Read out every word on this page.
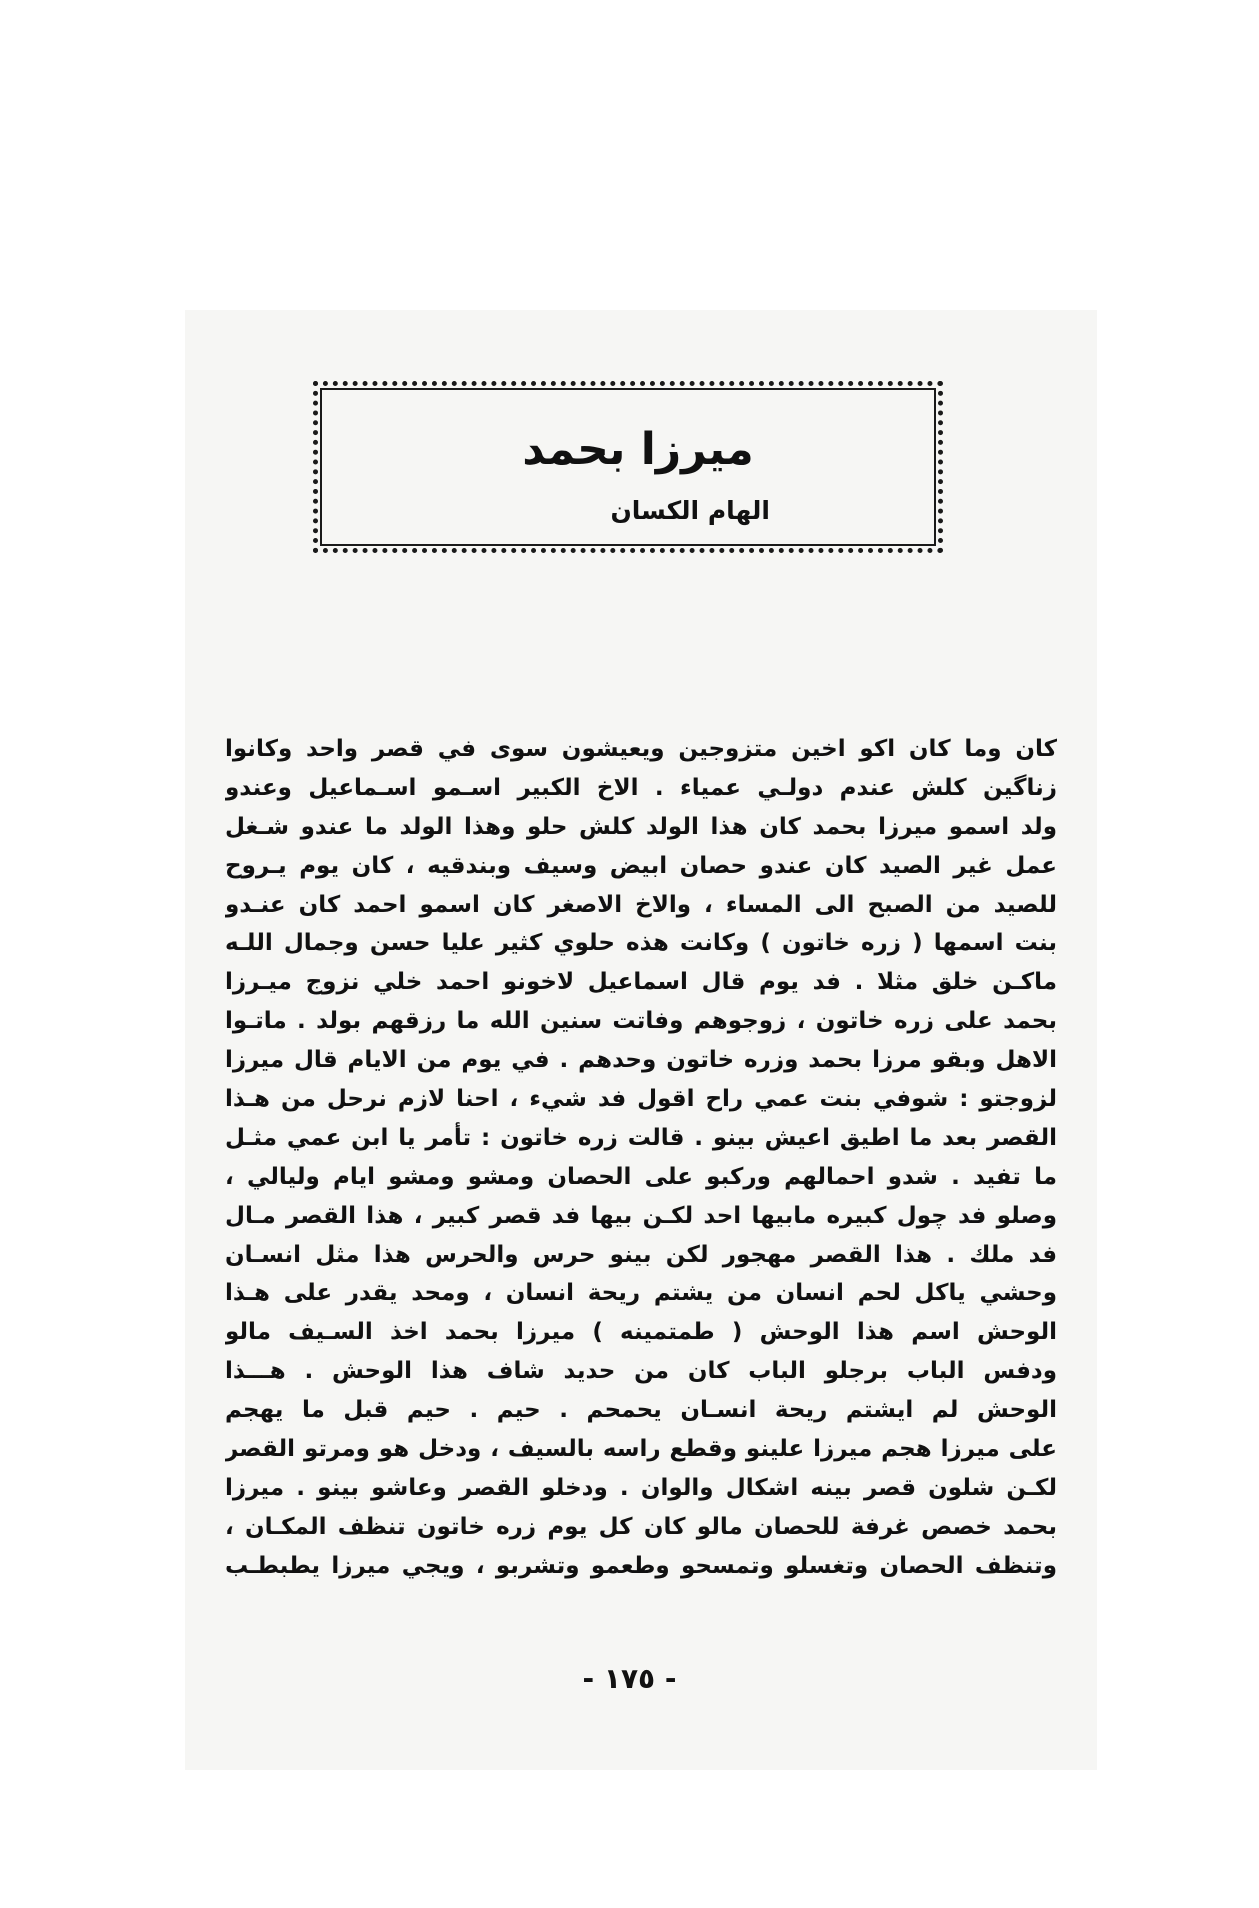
ميرزا بحمد
الهام الكسان
كان وما كان اكو اخين متزوجين ويعيشون سوى في قصر واحد وكانوا
زناگين كلش عندم دولـي عمياء . الاخ الكبير اسـمو اسـماعيل وعندو
ولد اسمو ميرزا بحمد كان هذا الولد كلش حلو وهذا الولد ما عندو شـغل
عمل غير الصيد كان عندو حصان ابيض وسيف وبندقيه ، كان يوم يـروح
للصيد من الصبح الى المساء ، والاخ الاصغر كان اسمو احمد كان عنـدو
بنت اسمها ( زره خاتون ) وكانت هذه حلوي كثير عليا حسن وجمال اللـه
ماكـن خلق مثلا . فد يوم قال اسماعيل لاخونو احمد خلي نزوج ميـرزا
بحمد على زره خاتون ، زوجوهم وفاتت سنين الله ما رزقهم بولد . ماتـوا
الاهل وبقو مرزا بحمد وزره خاتون وحدهم . في يوم من الايام قال ميرزا
لزوجتو : شوفي بنت عمي راح اقول فد شيء ، احنا لازم نرحل من هـذا
القصر بعد ما اطيق اعيش بينو . قالت زره خاتون : تأمر يا ابن عمي مثـل
ما تفيد . شدو احمالهم وركبو على الحصان ومشو ومشو ايام وليالي ،
وصلو فد چول كبيره مابيها احد لكـن بيها فد قصر كبير ، هذا القصر مـال
فد ملك . هذا القصر مهجور لكن بينو حرس والحرس هذا مثل انسـان
وحشي ياكل لحم انسان من يشتم ريحة انسان ، ومحد يقدر على هـذا
الوحش اسم هذا الوحش ( طمتمينه ) ميرزا بحمد اخذ السـيف مالو
ودفس الباب برجلو الباب كان من حديد شاف هذا الوحش . هـــذا
الوحش لم ايشتم ريحة انسـان يحمحم . حيم . حيم قبل ما يهجم
على ميرزا هجم ميرزا علينو وقطع راسه بالسيف ، ودخل هو ومرتو القصر
لكـن شلون قصر بينه اشكال والوان . ودخلو القصر وعاشو بينو . ميرزا
بحمد خصص غرفة للحصان مالو كان كل يوم زره خاتون تنظف المكـان ،
وتنظف الحصان وتغسلو وتمسحو وطعمو وتشربو ، ويجي ميرزا يطبطـب
- ١٧٥ -
